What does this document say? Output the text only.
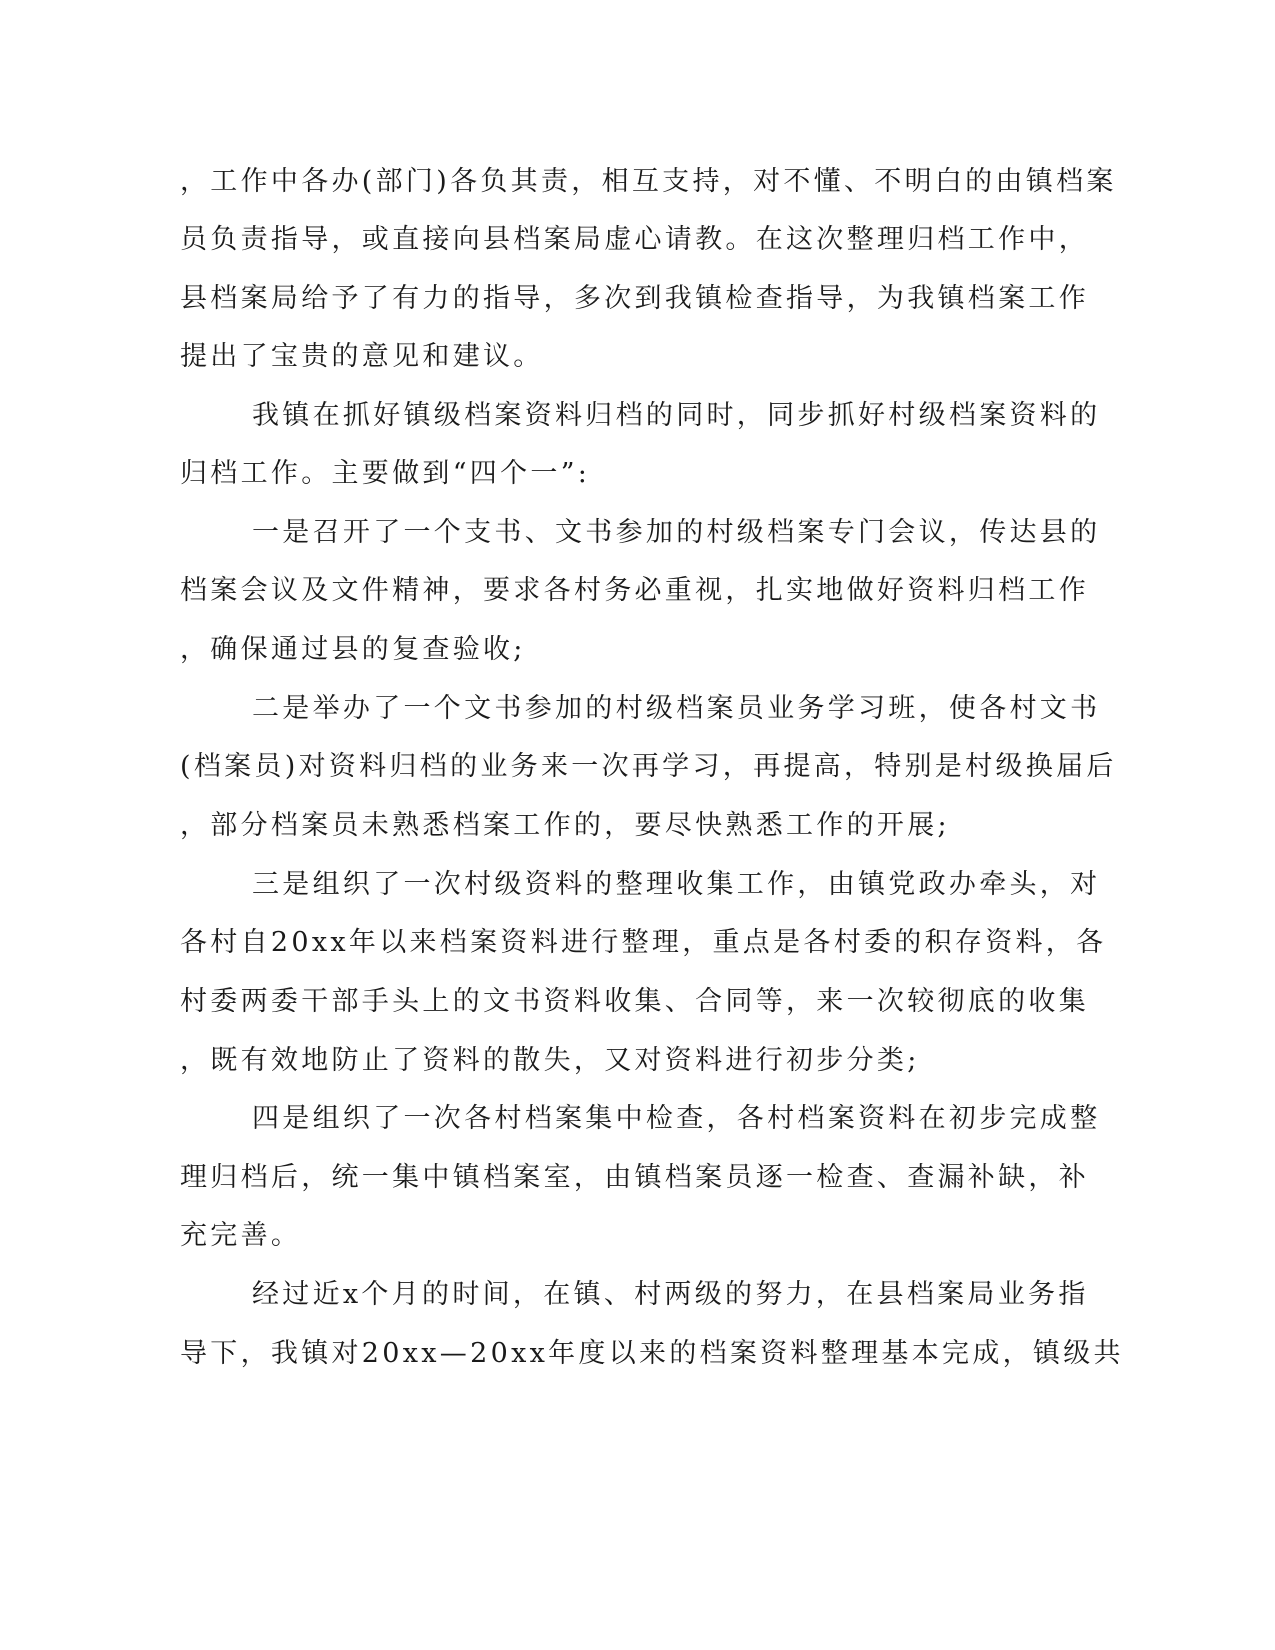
，工作中各办(部门)各负其责，相互支持，对不懂、不明白的由镇档案
员负责指导，或直接向县档案局虚心请教。在这次整理归档工作中，
县档案局给予了有力的指导，多次到我镇检查指导，为我镇档案工作
提出了宝贵的意见和建议。
我镇在抓好镇级档案资料归档的同时，同步抓好村级档案资料的
归档工作。主要做到“四个一”:
一是召开了一个支书、文书参加的村级档案专门会议，传达县的
档案会议及文件精神，要求各村务必重视，扎实地做好资料归档工作
，确保通过县的复查验收;
二是举办了一个文书参加的村级档案员业务学习班，使各村文书
(档案员)对资料归档的业务来一次再学习，再提高，特别是村级换届后
，部分档案员未熟悉档案工作的，要尽快熟悉工作的开展;
三是组织了一次村级资料的整理收集工作，由镇党政办牵头，对
各村自20xx年以来档案资料进行整理，重点是各村委的积存资料，各
村委两委干部手头上的文书资料收集、合同等，来一次较彻底的收集
，既有效地防止了资料的散失，又对资料进行初步分类;
四是组织了一次各村档案集中检查，各村档案资料在初步完成整
理归档后，统一集中镇档案室，由镇档案员逐一检查、查漏补缺，补
充完善。
经过近x个月的时间，在镇、村两级的努力，在县档案局业务指
导下，我镇对20xx—20xx年度以来的档案资料整理基本完成，镇级共
